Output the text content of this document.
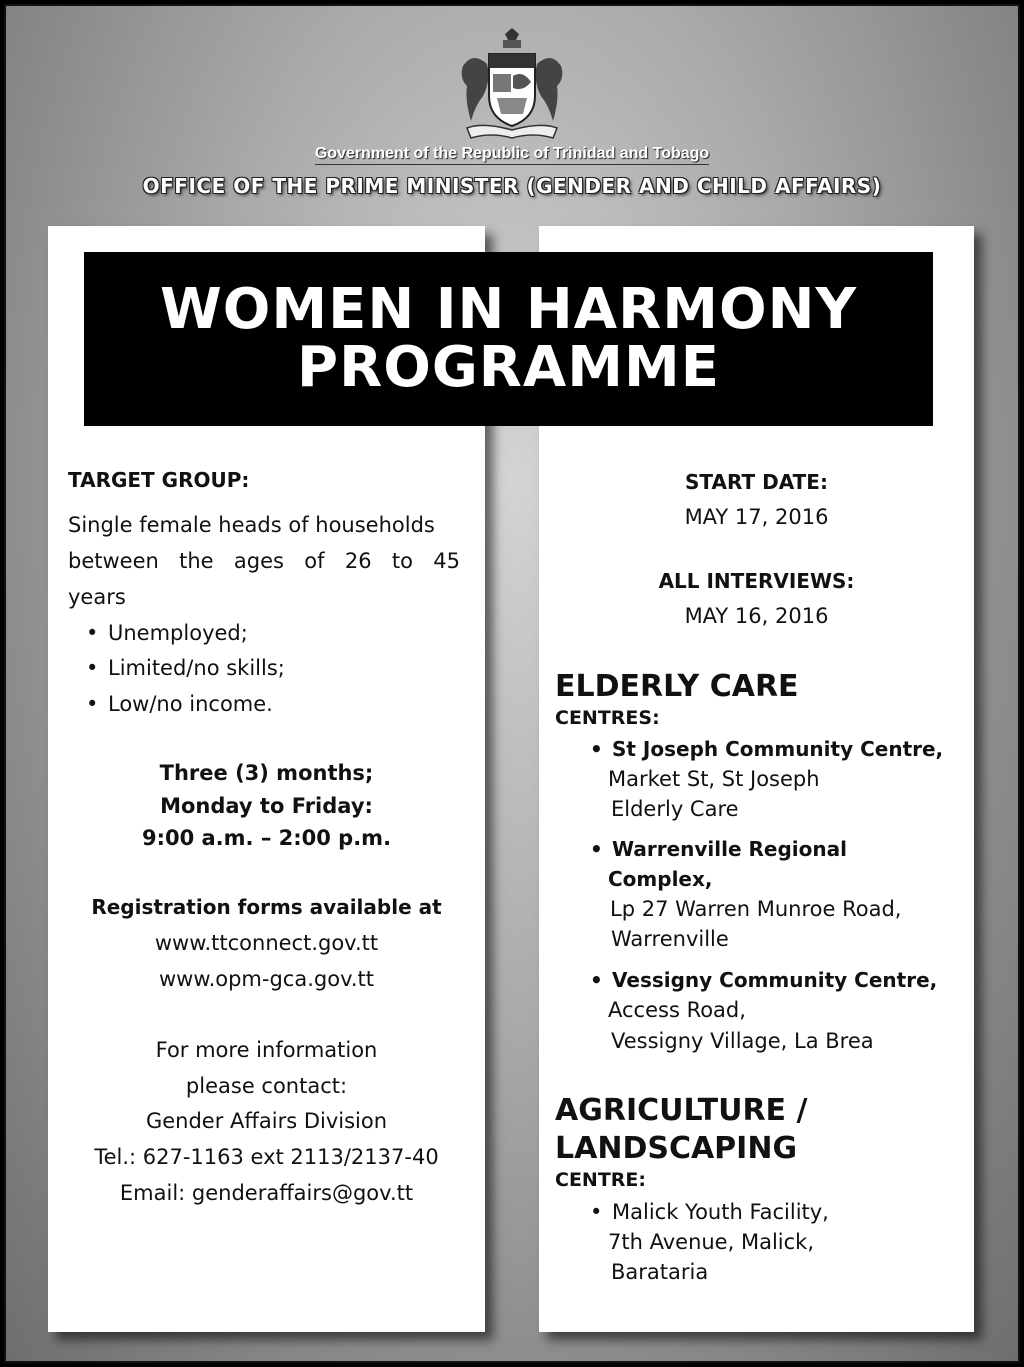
Government of the Republic of Trinidad and Tobago
OFFICE OF THE PRIME MINISTER (GENDER AND CHILD AFFAIRS)
WOMEN IN HARMONY
PROGRAMME
TARGET GROUP:
Single female heads of households
between the ages of 26 to 45
years
• Unemployed;
• Limited/no skills;
• Low/no income.
Three (3) months;
Monday to Friday:
9:00 a.m. – 2:00 p.m.
Registration forms available at
www.ttconnect.gov.tt
www.opm-gca.gov.tt
For more information
please contact:
Gender Affairs Division
Tel.: 627-1163 ext 2113/2137-40
Email: genderaffairs@gov.tt
START DATE:
MAY 17, 2016
ALL INTERVIEWS:
MAY 16, 2016
ELDERLY CARE
CENTRES:
• St Joseph Community Centre,
Market St, St Joseph
Elderly Care
• Warrenville Regional
Complex,
Lp 27 Warren Munroe Road,
Warrenville
• Vessigny Community Centre,
Access Road,
Vessigny Village, La Brea
AGRICULTURE /
LANDSCAPING
CENTRE:
• Malick Youth Facility,
7th Avenue, Malick,
Barataria
